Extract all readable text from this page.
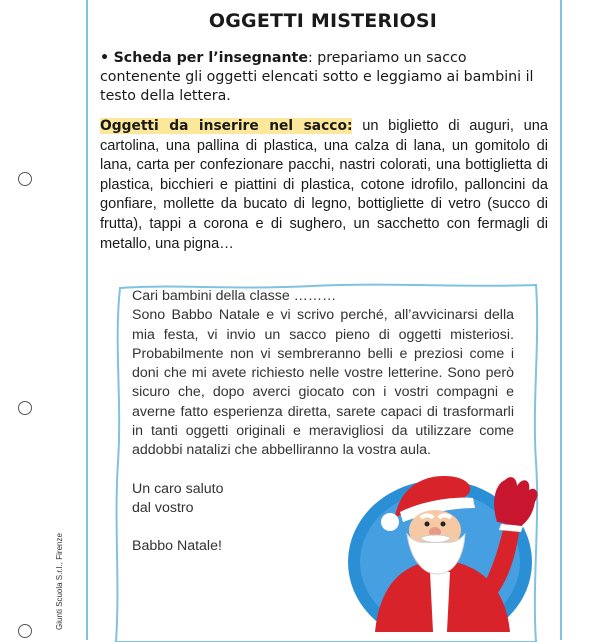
OGGETTI MISTERIOSI
• Scheda per l’insegnante: prepariamo un sacco contenente gli oggetti elencati sotto e leggiamo ai bambini il testo della lettera.
Oggetti da inserire nel sacco: un biglietto di auguri, una cartolina, una pallina di plastica, una calza di lana, un gomitolo di lana, carta per confezionare pacchi, nastri colorati, una bottiglietta di plastica, bicchieri e piattini di plastica, cotone idrofilo, palloncini da gonfiare, mollette da bucato di legno, bottigliette di vetro (succo di frutta), tappi a corona e di sughero, un sacchetto con fermagli di metallo, una pigna…

Cari bambini della classe ………

Sono Babbo Natale e vi scrivo perché, all’avvicinarsi della mia festa, vi invio un sacco pieno di oggetti misteriosi. Probabilmente non vi sembreranno belli e preziosi come i doni che mi avete richiesto nelle vostre letterine. Sono però sicuro che, dopo averci giocato con i vostri compagni e averne fatto esperienza diretta, sarete capaci di trasformarli in tanti oggetti originali e meravigliosi da utilizzare come addobbi natalizi che abbelliranno la vostra aula.

Un caro saluto

dal vostro

Babbo Natale!

Giunti Scuola S.r.l., Firenze
